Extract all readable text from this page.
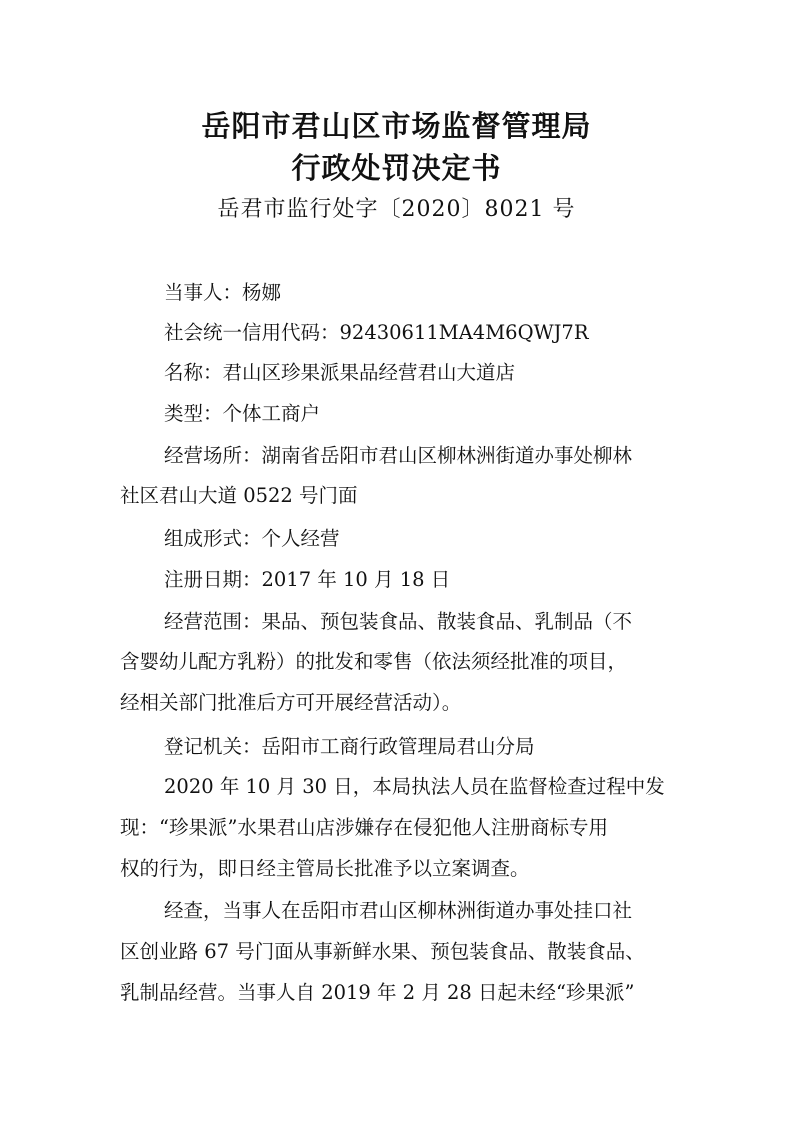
岳阳市君山区市场监督管理局
行政处罚决定书
岳君市监行处字〔2020〕8021 号
当事人：杨娜
社会统一信用代码：92430611MA4M6QWJ7R
名称：君山区珍果派果品经营君山大道店
类型：个体工商户
经营场所：湖南省岳阳市君山区柳林洲街道办事处柳林
社区君山大道 0522 号门面
组成形式：个人经营
注册日期：2017 年 10 月 18 日
经营范围：果品、预包装食品、散装食品、乳制品（不
含婴幼儿配方乳粉）的批发和零售（依法须经批准的项目，
经相关部门批准后方可开展经营活动）。
登记机关：岳阳市工商行政管理局君山分局
2020 年 10 月 30 日，本局执法人员在监督检查过程中发
现：“珍果派”水果君山店涉嫌存在侵犯他人注册商标专用
权的行为，即日经主管局长批准予以立案调查。
经查，当事人在岳阳市君山区柳林洲街道办事处挂口社
区创业路 67 号门面从事新鲜水果、预包装食品、散装食品、
乳制品经营。当事人自 2019 年 2 月 28 日起未经“珍果派”
